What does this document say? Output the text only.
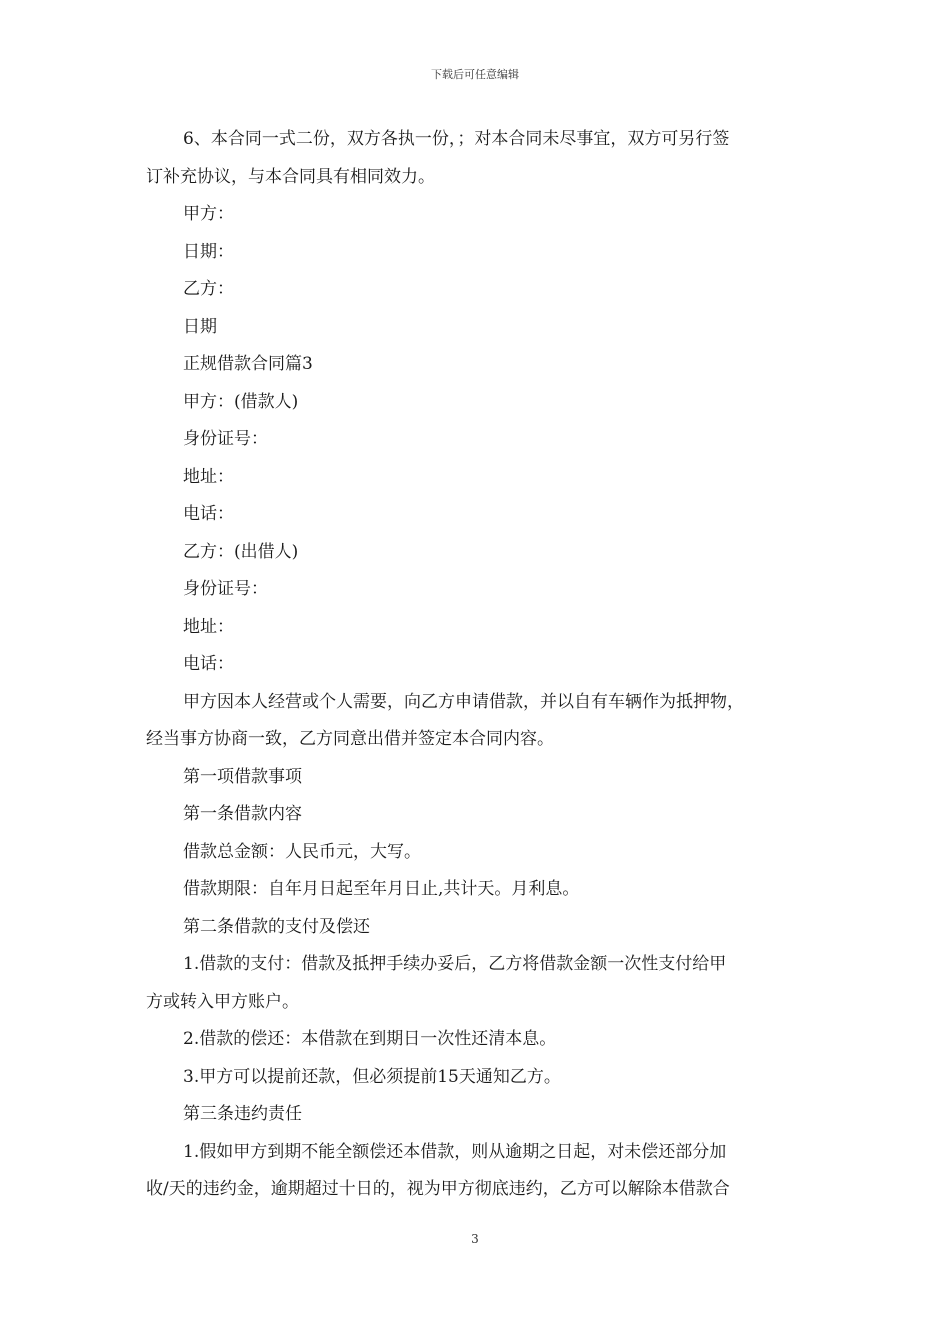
下载后可任意编辑

6、本合同一式二份，双方各执一份，；对本合同未尽事宜，双方可另行签

订补充协议，与本合同具有相同效力。

甲方：

日期：

乙方：

日期

正规借款合同篇3

甲方：(借款人)

身份证号：

地址：

电话：

乙方：(出借人)

身份证号：

地址：

电话：

甲方因本人经营或个人需要，向乙方申请借款，并以自有车辆作为抵押物，

经当事方协商一致，乙方同意出借并签定本合同内容。

第一项借款事项

第一条借款内容

借款总金额：人民币元，大写。

借款期限：自年月日起至年月日止,共计天。月利息。

第二条借款的支付及偿还

1.借款的支付：借款及抵押手续办妥后，乙方将借款金额一次性支付给甲

方或转入甲方账户。

2.借款的偿还：本借款在到期日一次性还清本息。

3.甲方可以提前还款，但必须提前15天通知乙方。

第三条违约责任

1.假如甲方到期不能全额偿还本借款，则从逾期之日起，对未偿还部分加

收/天的违约金，逾期超过十日的，视为甲方彻底违约，乙方可以解除本借款合

3
